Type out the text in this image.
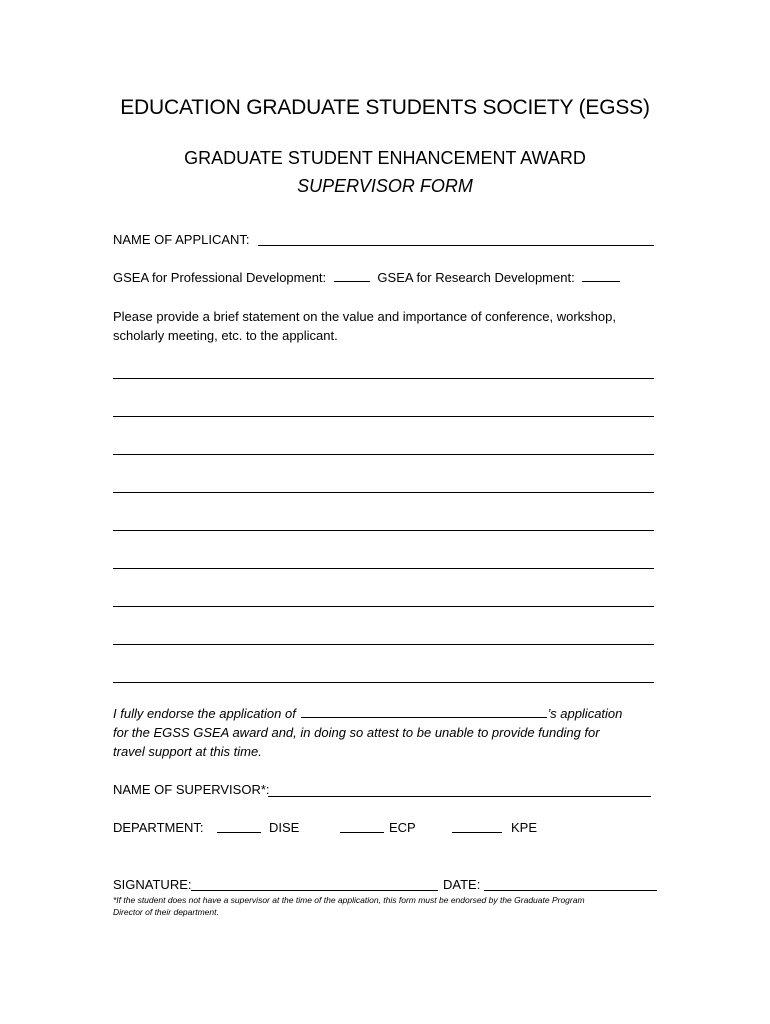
EDUCATION GRADUATE STUDENTS SOCIETY (EGSS)
GRADUATE STUDENT ENHANCEMENT AWARD
SUPERVISOR FORM
NAME OF APPLICANT:
GSEA for Professional Development:	GSEA for Research Development:
Please provide a brief statement on the value and importance of conference, workshop,
scholarly meeting, etc. to the applicant.
I fully endorse the application of	’s application
for the EGSS GSEA award and, in doing so attest to be unable to provide funding for
travel support at this time.
NAME OF SUPERVISOR*:
DEPARTMENT:	DISE	ECP	KPE
SIGNATURE:	DATE:
*If the student does not have a supervisor at the time of the application, this form must be endorsed by the Graduate Program
Director of their department.
